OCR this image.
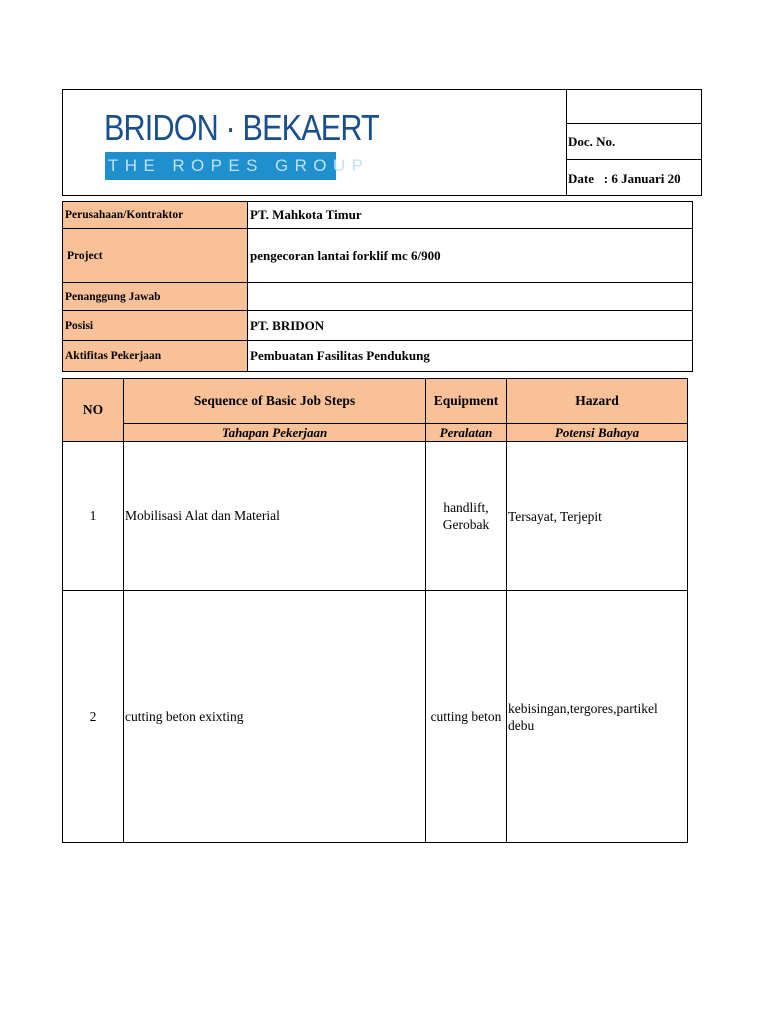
BRIDON · BEKAERT
THE ROPES GROUP
Doc. No.
Date   : 6 Januari 20
Perusahaan/Kontraktor	PT. Mahkota Timur
Project	pengecoran lantai forklif mc 6/900
Penanggung Jawab	
Posisi	PT. BRIDON
Aktifitas Pekerjaan	Pembuatan Fasilitas Pendukung
NO	Sequence of Basic Job Steps	Equipment	Hazard
	Tahapan Pekerjaan	Peralatan	Potensi Bahaya
1	Mobilisasi Alat dan Material	handlift, Gerobak	Tersayat, Terjepit
2	cutting beton exixting	cutting beton	kebisingan,tergores,partikel debu
